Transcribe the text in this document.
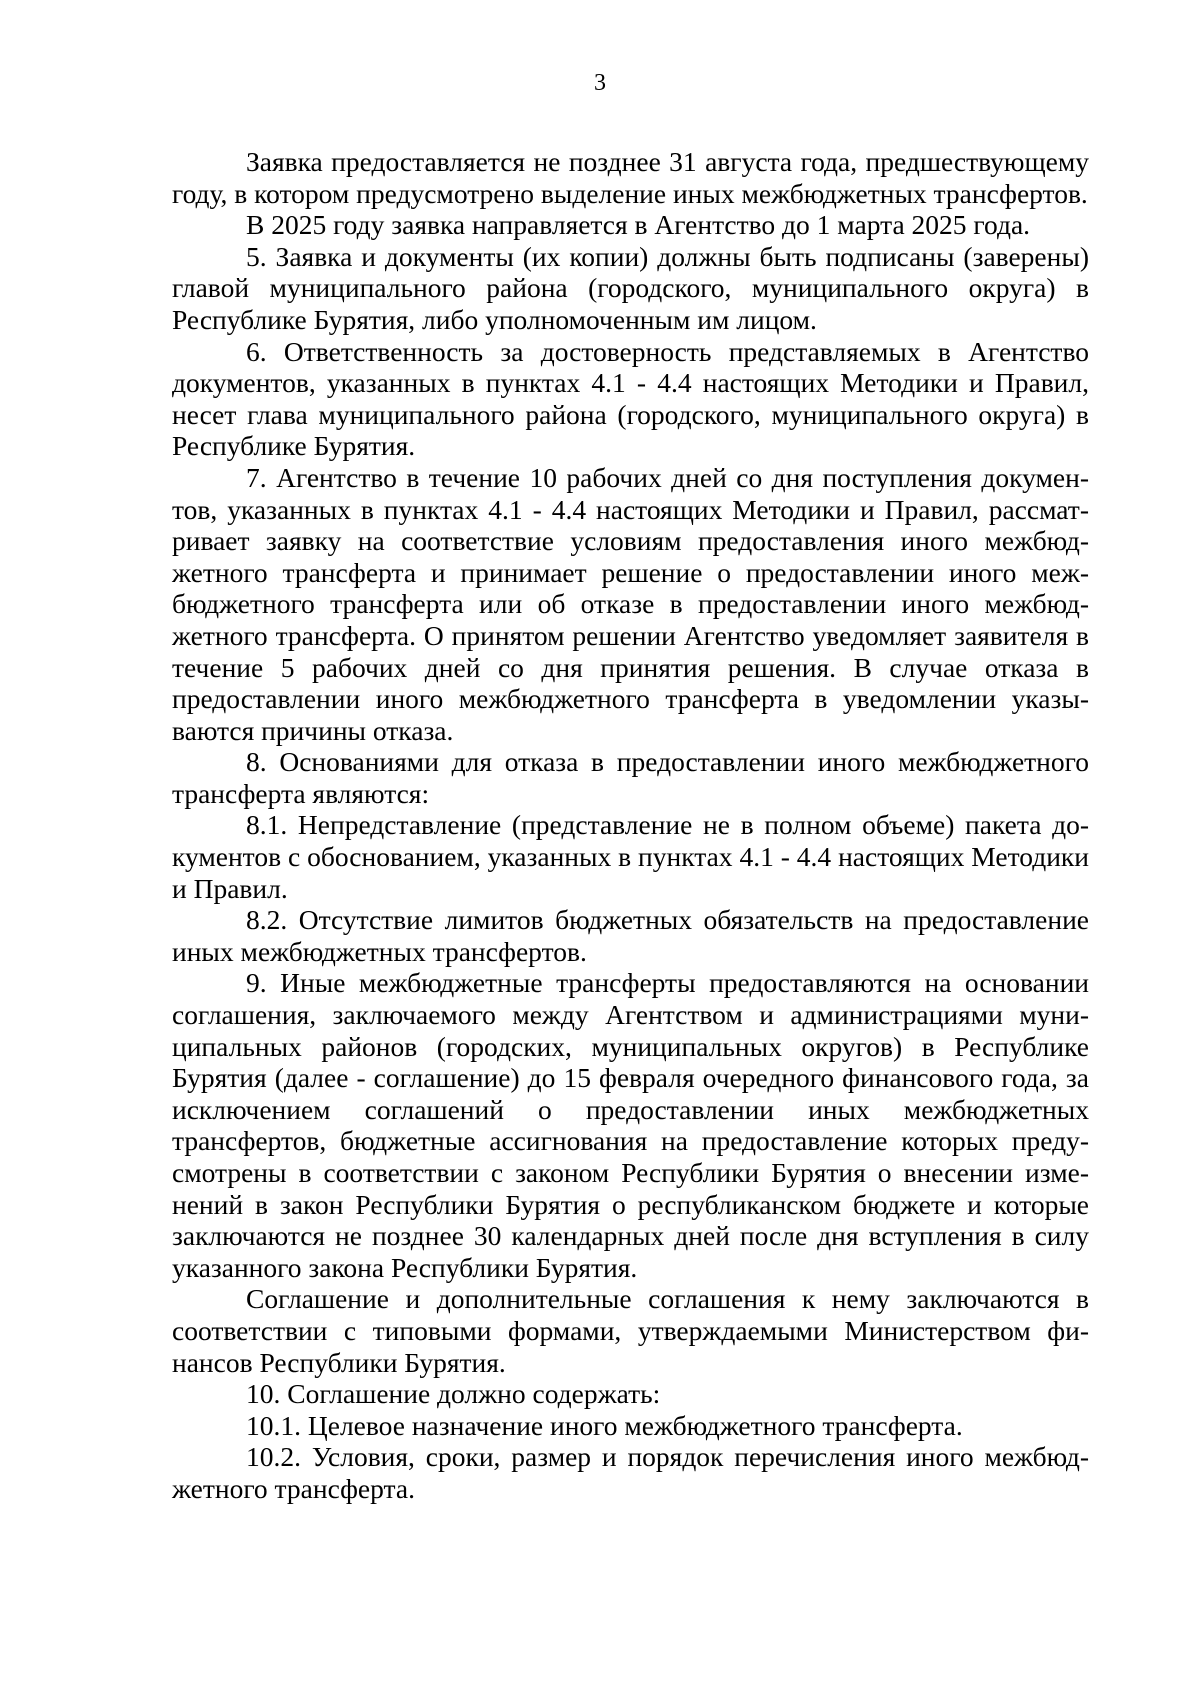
3

Заявка предоставляется не позднее 31 августа года, предшествующему году, в котором предусмотрено выделение иных межбюджетных трансфертов.

В 2025 году заявка направляется в Агентство до 1 марта 2025 года.

5. Заявка и документы (их копии) должны быть подписаны (заверены) главой муниципального района (городского, муниципального округа) в Республике Бурятия, либо уполномоченным им лицом.

6. Ответственность за достоверность представляемых в Агентство документов, указанных в пунктах 4.1 - 4.4 настоящих Методики и Правил, несет глава муниципального района (городского, муниципального округа) в Республике Бурятия.

7. Агентство в течение 10 рабочих дней со дня поступления документов, указанных в пунктах 4.1 - 4.4 настоящих Методики и Правил, рассматривает заявку на соответствие условиям предоставления иного межбюджетного трансферта и принимает решение о предоставлении иного межбюджетного трансферта или об отказе в предоставлении иного межбюджетного трансферта. О принятом решении Агентство уведомляет заявителя в течение 5 рабочих дней со дня принятия решения. В случае отказа в предоставлении иного межбюджетного трансферта в уведомлении указываются причины отказа.

8. Основаниями для отказа в предоставлении иного межбюджетного трансферта являются:

8.1. Непредставление (представление не в полном объеме) пакета документов с обоснованием, указанных в пунктах 4.1 - 4.4 настоящих Методики и Правил.

8.2. Отсутствие лимитов бюджетных обязательств на предоставление иных межбюджетных трансфертов.

9. Иные межбюджетные трансферты предоставляются на основании соглашения, заключаемого между Агентством и администрациями муниципальных районов (городских, муниципальных округов) в Республике Бурятия (далее - соглашение) до 15 февраля очередного финансового года, за исключением соглашений о предоставлении иных межбюджетных трансфертов, бюджетные ассигнования на предоставление которых предусмотрены в соответствии с законом Республики Бурятия о внесении изменений в закон Республики Бурятия о республиканском бюджете и которые заключаются не позднее 30 календарных дней после дня вступления в силу указанного закона Республики Бурятия.

Соглашение и дополнительные соглашения к нему заключаются в соответствии с типовыми формами, утверждаемыми Министерством финансов Республики Бурятия.

10. Соглашение должно содержать:

10.1. Целевое назначение иного межбюджетного трансферта.

10.2. Условия, сроки, размер и порядок перечисления иного межбюджетного трансферта.
